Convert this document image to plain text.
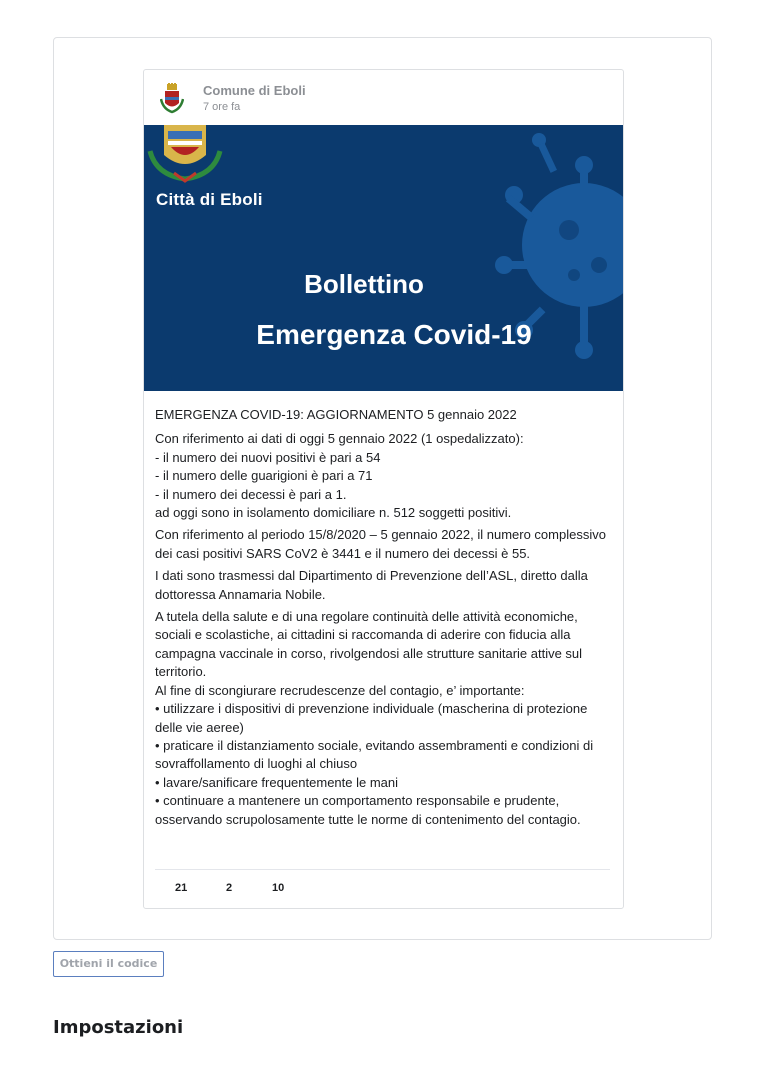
Comune di Eboli
7 ore fa
Città di Eboli
Bollettino
Emergenza Covid-19

EMERGENZA COVID-19: AGGIORNAMENTO 5 gennaio 2022

Con riferimento ai dati di oggi 5 gennaio 2022 (1 ospedalizzato):
- il numero dei nuovi positivi è pari a 54
- il numero delle guarigioni è pari a 71
- il numero dei decessi è pari a 1.
ad oggi sono in isolamento domiciliare n. 512 soggetti positivi.

Con riferimento al periodo 15/8/2020 – 5 gennaio 2022, il numero complessivo dei casi positivi SARS CoV2 è 3441 e il numero dei decessi è 55.

I dati sono trasmessi dal Dipartimento di Prevenzione dell’ASL, diretto dalla dottoressa Annamaria Nobile.

A tutela della salute e di una regolare continuità delle attività economiche, sociali e scolastiche, ai cittadini si raccomanda di aderire con fiducia alla campagna vaccinale in corso, rivolgendosi alle strutture sanitarie attive sul territorio.
Al fine di scongiurare recrudescenze del contagio, e’ importante:
• utilizzare i dispositivi di prevenzione individuale (mascherina di protezione delle vie aeree)
• praticare il distanziamento sociale, evitando assembramenti e condizioni di sovraffollamento di luoghi al chiuso
• lavare/sanificare frequentemente le mani
• continuare a mantenere un comportamento responsabile e prudente, osservando scrupolosamente tutte le norme di contenimento del contagio.

21	2	10
Ottieni il codice
Impostazioni
